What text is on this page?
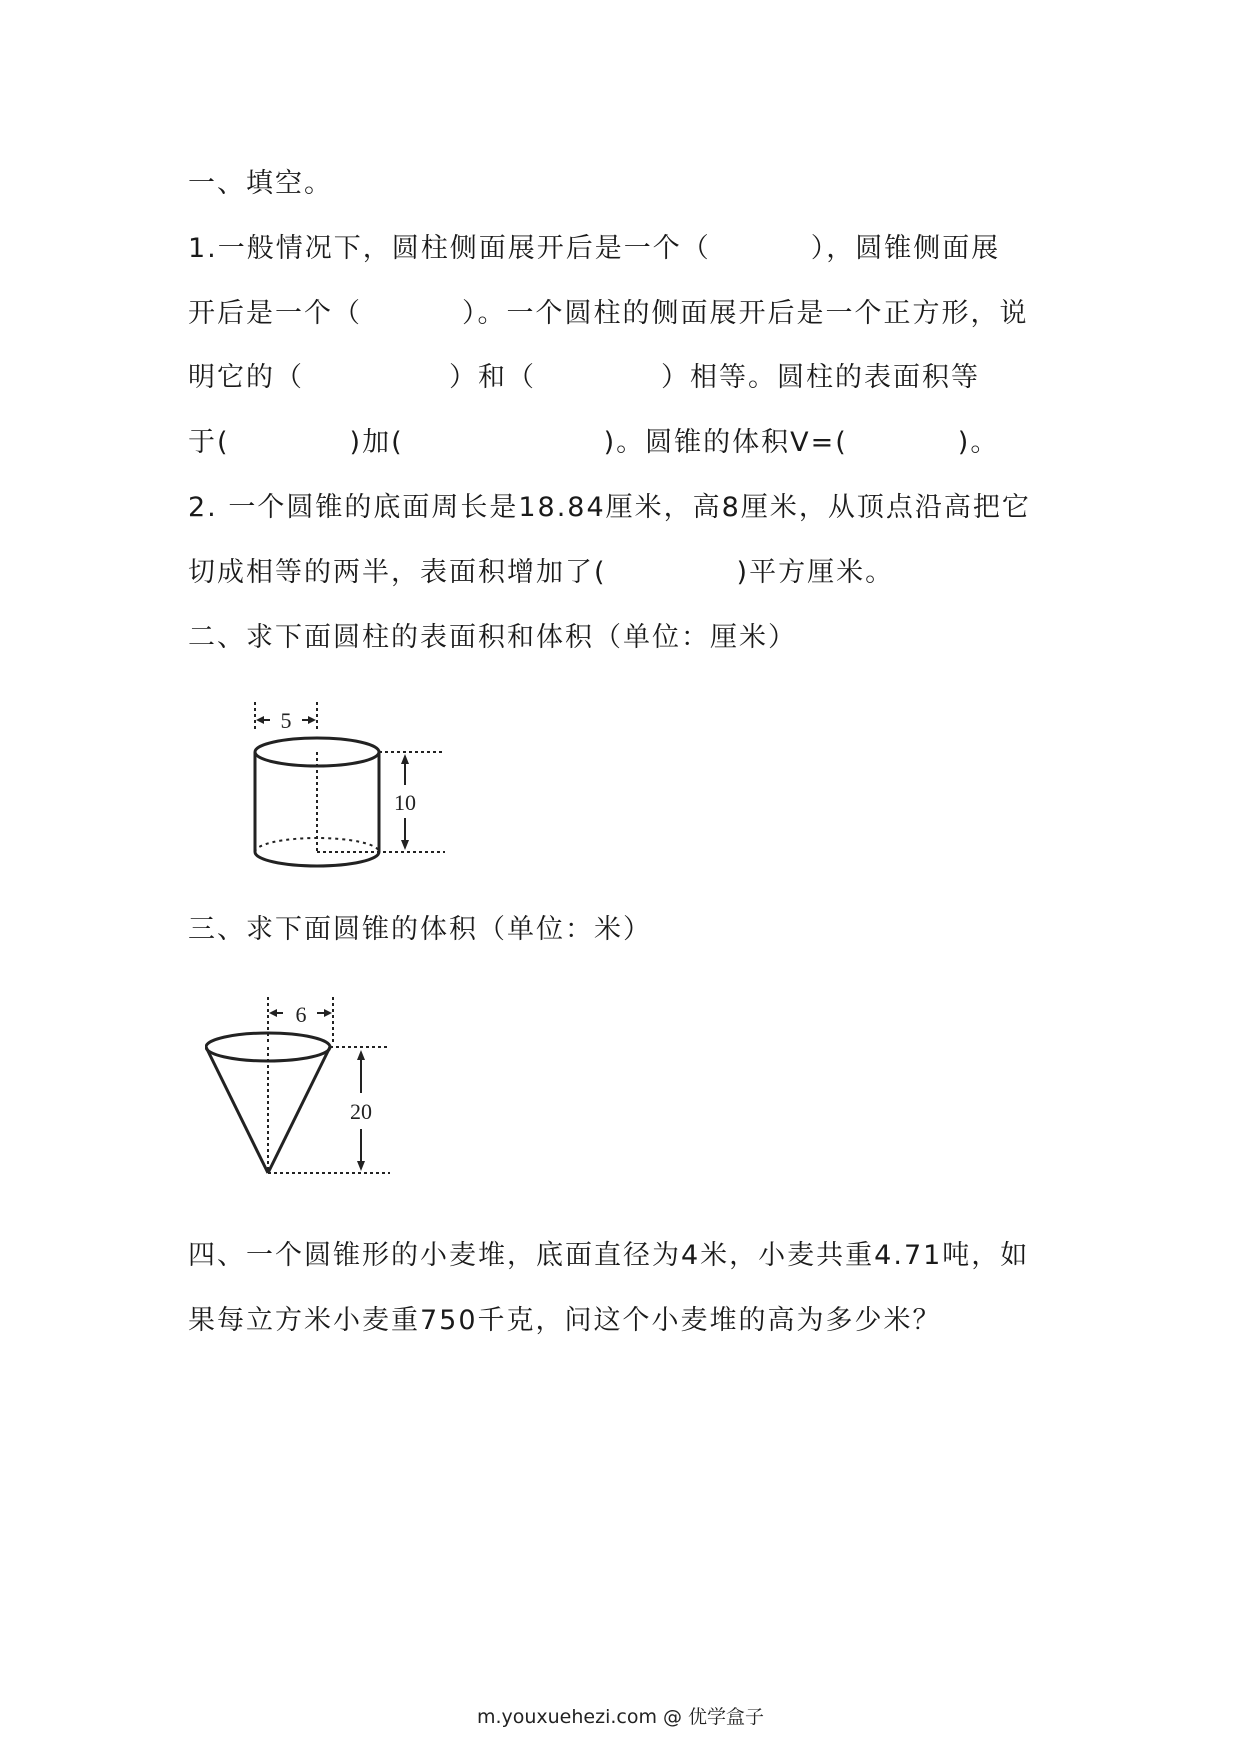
一、填空。
1.一般情况下，圆柱侧面展开后是一个（	），圆锥侧面展
开后是一个（	）。一个圆柱的侧面展开后是一个正方形，说
明它的（	）和（	）相等。圆柱的表面积等
于(	)加(	)。圆锥的体积V=(	)。
2. 一个圆锥的底面周长是18.84厘米，高8厘米，从顶点沿高把它
切成相等的两半，表面积增加了(	)平方厘米。
二、求下面圆柱的表面积和体积（单位：厘米）
5
10
三、求下面圆锥的体积（单位：米）
6
20
四、一个圆锥形的小麦堆，底面直径为4米，小麦共重4.71吨，如
果每立方米小麦重750千克，问这个小麦堆的高为多少米？
m.youxuehezi.com @ 优学盒子
